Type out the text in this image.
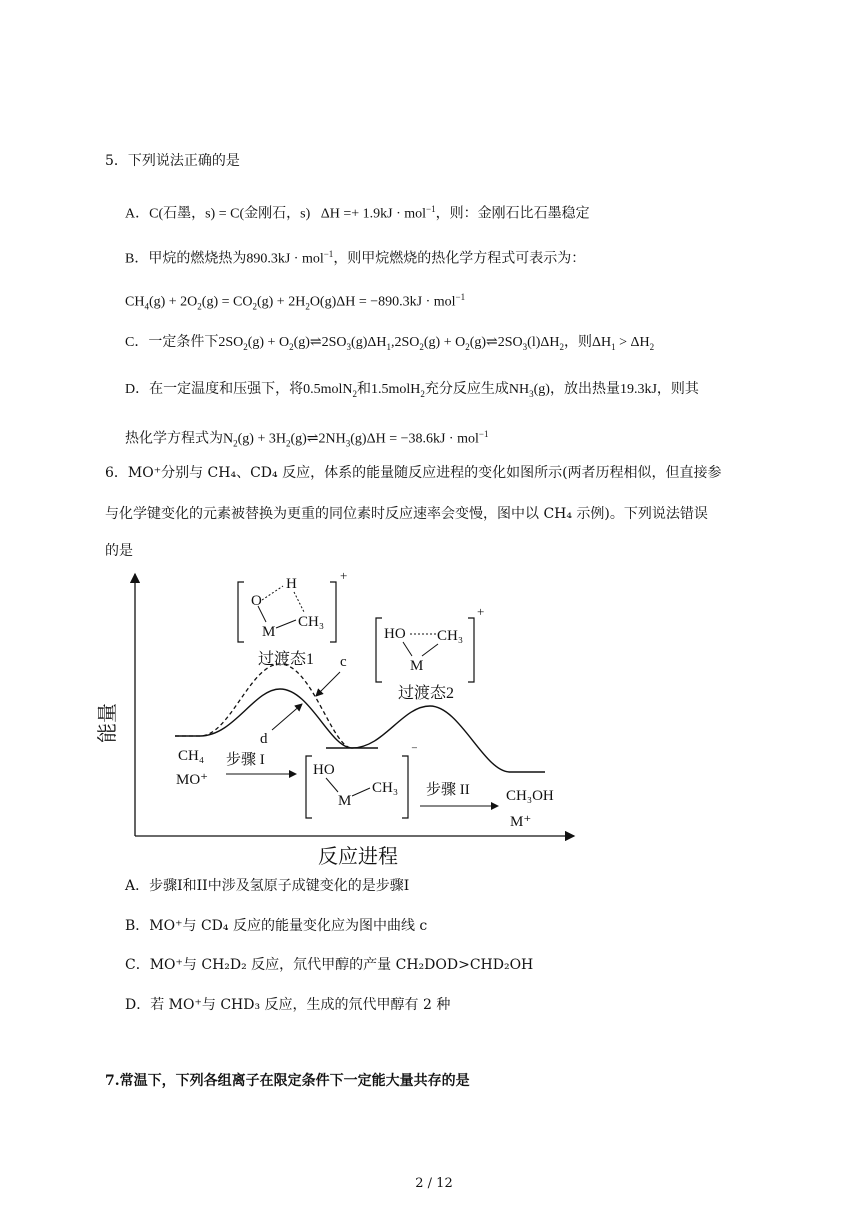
5．下列说法正确的是
A．C(石墨，s) = C(金刚石，s) ΔH =+ 1.9kJ · mol$^{-1}$，则：金刚石比石墨稳定
B．甲烷的燃烧热为890.3kJ · mol$^{-1}$，则甲烷燃烧的热化学方程式可表示为：
$CH_4(g) + 2O_2(g) = CO_2(g) + 2H_2O(g)\Delta H = -890.3kJ \cdot mol^{-1}$
C．一定条件下$2SO_2(g)$ + $O_2(g)\rightleftharpoons 2SO_3(g)\Delta H_1,2SO_2(g)$ + $O_2(g)\rightleftharpoons 2SO_3(l)\Delta H_2$，则$\Delta H_1 > \Delta H_2$
D．在一定温度和压强下，将0.5molN$_2$和1.5molH$_2$充分反应生成$NH_3(g)$，放出热量19.3kJ，则其
热化学方程式为$N_2(g)$ + $3H_2(g)\rightleftharpoons 2NH_3(g)\Delta H = -38.6kJ \cdot mol^{-1}$
6．MO⁺分别与 CH₄、CD₄ 反应，体系的能量随反应进程的变化如图所示(两者历程相似，但直接参
与化学键变化的元素被替换为更重的同位素时反应速率会变慢，图中以 CH₄ 示例)。下列说法错误
的是
能量
反应进程
+
O
H
M
CH₃
过渡态1 c
d
+
HO CH₃
M
过渡态2
CH₄
MO⁺
步骤 I
⁻
HO
M
CH₃ 步骤 II CH₃OH
M⁺
A．步骤I和II中涉及氢原子成键变化的是步骤I
B．MO⁺与 CD₄ 反应的能量变化应为图中曲线 c
C．MO⁺与 CH₂D₂ 反应，氘代甲醇的产量 CH₂DOD>CHD₂OH
D．若 MO⁺与 CHD₃ 反应，生成的氘代甲醇有 2 种
7.常温下，下列各组离子在限定条件下一定能大量共存的是
2 / 12
